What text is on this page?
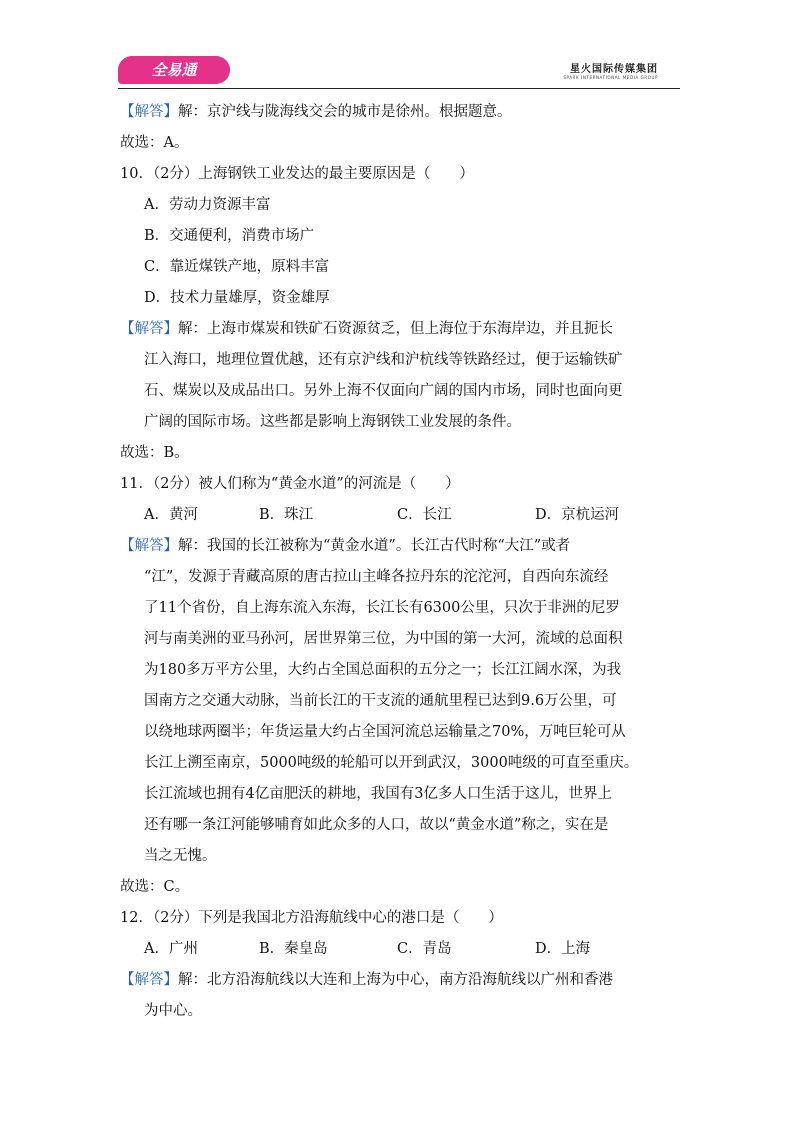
全易通	星火国际传媒集团
SPARK INTERNATIONAL MEDIA GROUP
【解答】解：京沪线与陇海线交会的城市是徐州。根据题意。
故选：A。
10．（2分）上海钢铁工业发达的最主要原因是（　　）
A．劳动力资源丰富
B．交通便利，消费市场广
C．靠近煤铁产地，原料丰富
D．技术力量雄厚，资金雄厚
【解答】解：上海市煤炭和铁矿石资源贫乏，但上海位于东海岸边，并且扼长
江入海口，地理位置优越，还有京沪线和沪杭线等铁路经过，便于运输铁矿
石、煤炭以及成品出口。另外上海不仅面向广阔的国内市场，同时也面向更
广阔的国际市场。这些都是影响上海钢铁工业发展的条件。
故选：B。
11．（2分）被人们称为“黄金水道”的河流是（　　）
A．黄河	B．珠江	C．长江	D．京杭运河
【解答】解：我国的长江被称为“黄金水道”。长江古代时称“大江”或者
“江”，发源于青藏高原的唐古拉山主峰各拉丹东的沱沱河，自西向东流经
了11个省份，自上海东流入东海，长江长有6300公里，只次于非洲的尼罗
河与南美洲的亚马孙河，居世界第三位，为中国的第一大河，流域的总面积
为180多万平方公里，大约占全国总面积的五分之一；长江江阔水深，为我
国南方之交通大动脉，当前长江的干支流的通航里程已达到9.6万公里，可
以绕地球两圈半；年货运量大约占全国河流总运输量之70%，万吨巨轮可从
长江上溯至南京，5000吨级的轮船可以开到武汉，3000吨级的可直至重庆。
长江流域也拥有4亿亩肥沃的耕地，我国有3亿多人口生活于这儿，世界上
还有哪一条江河能够哺育如此众多的人口，故以“黄金水道”称之，实在是
当之无愧。
故选：C。
12．（2分）下列是我国北方沿海航线中心的港口是（　　）
A．广州	B．秦皇岛	C．青岛	D．上海
【解答】解：北方沿海航线以大连和上海为中心，南方沿海航线以广州和香港
为中心。
